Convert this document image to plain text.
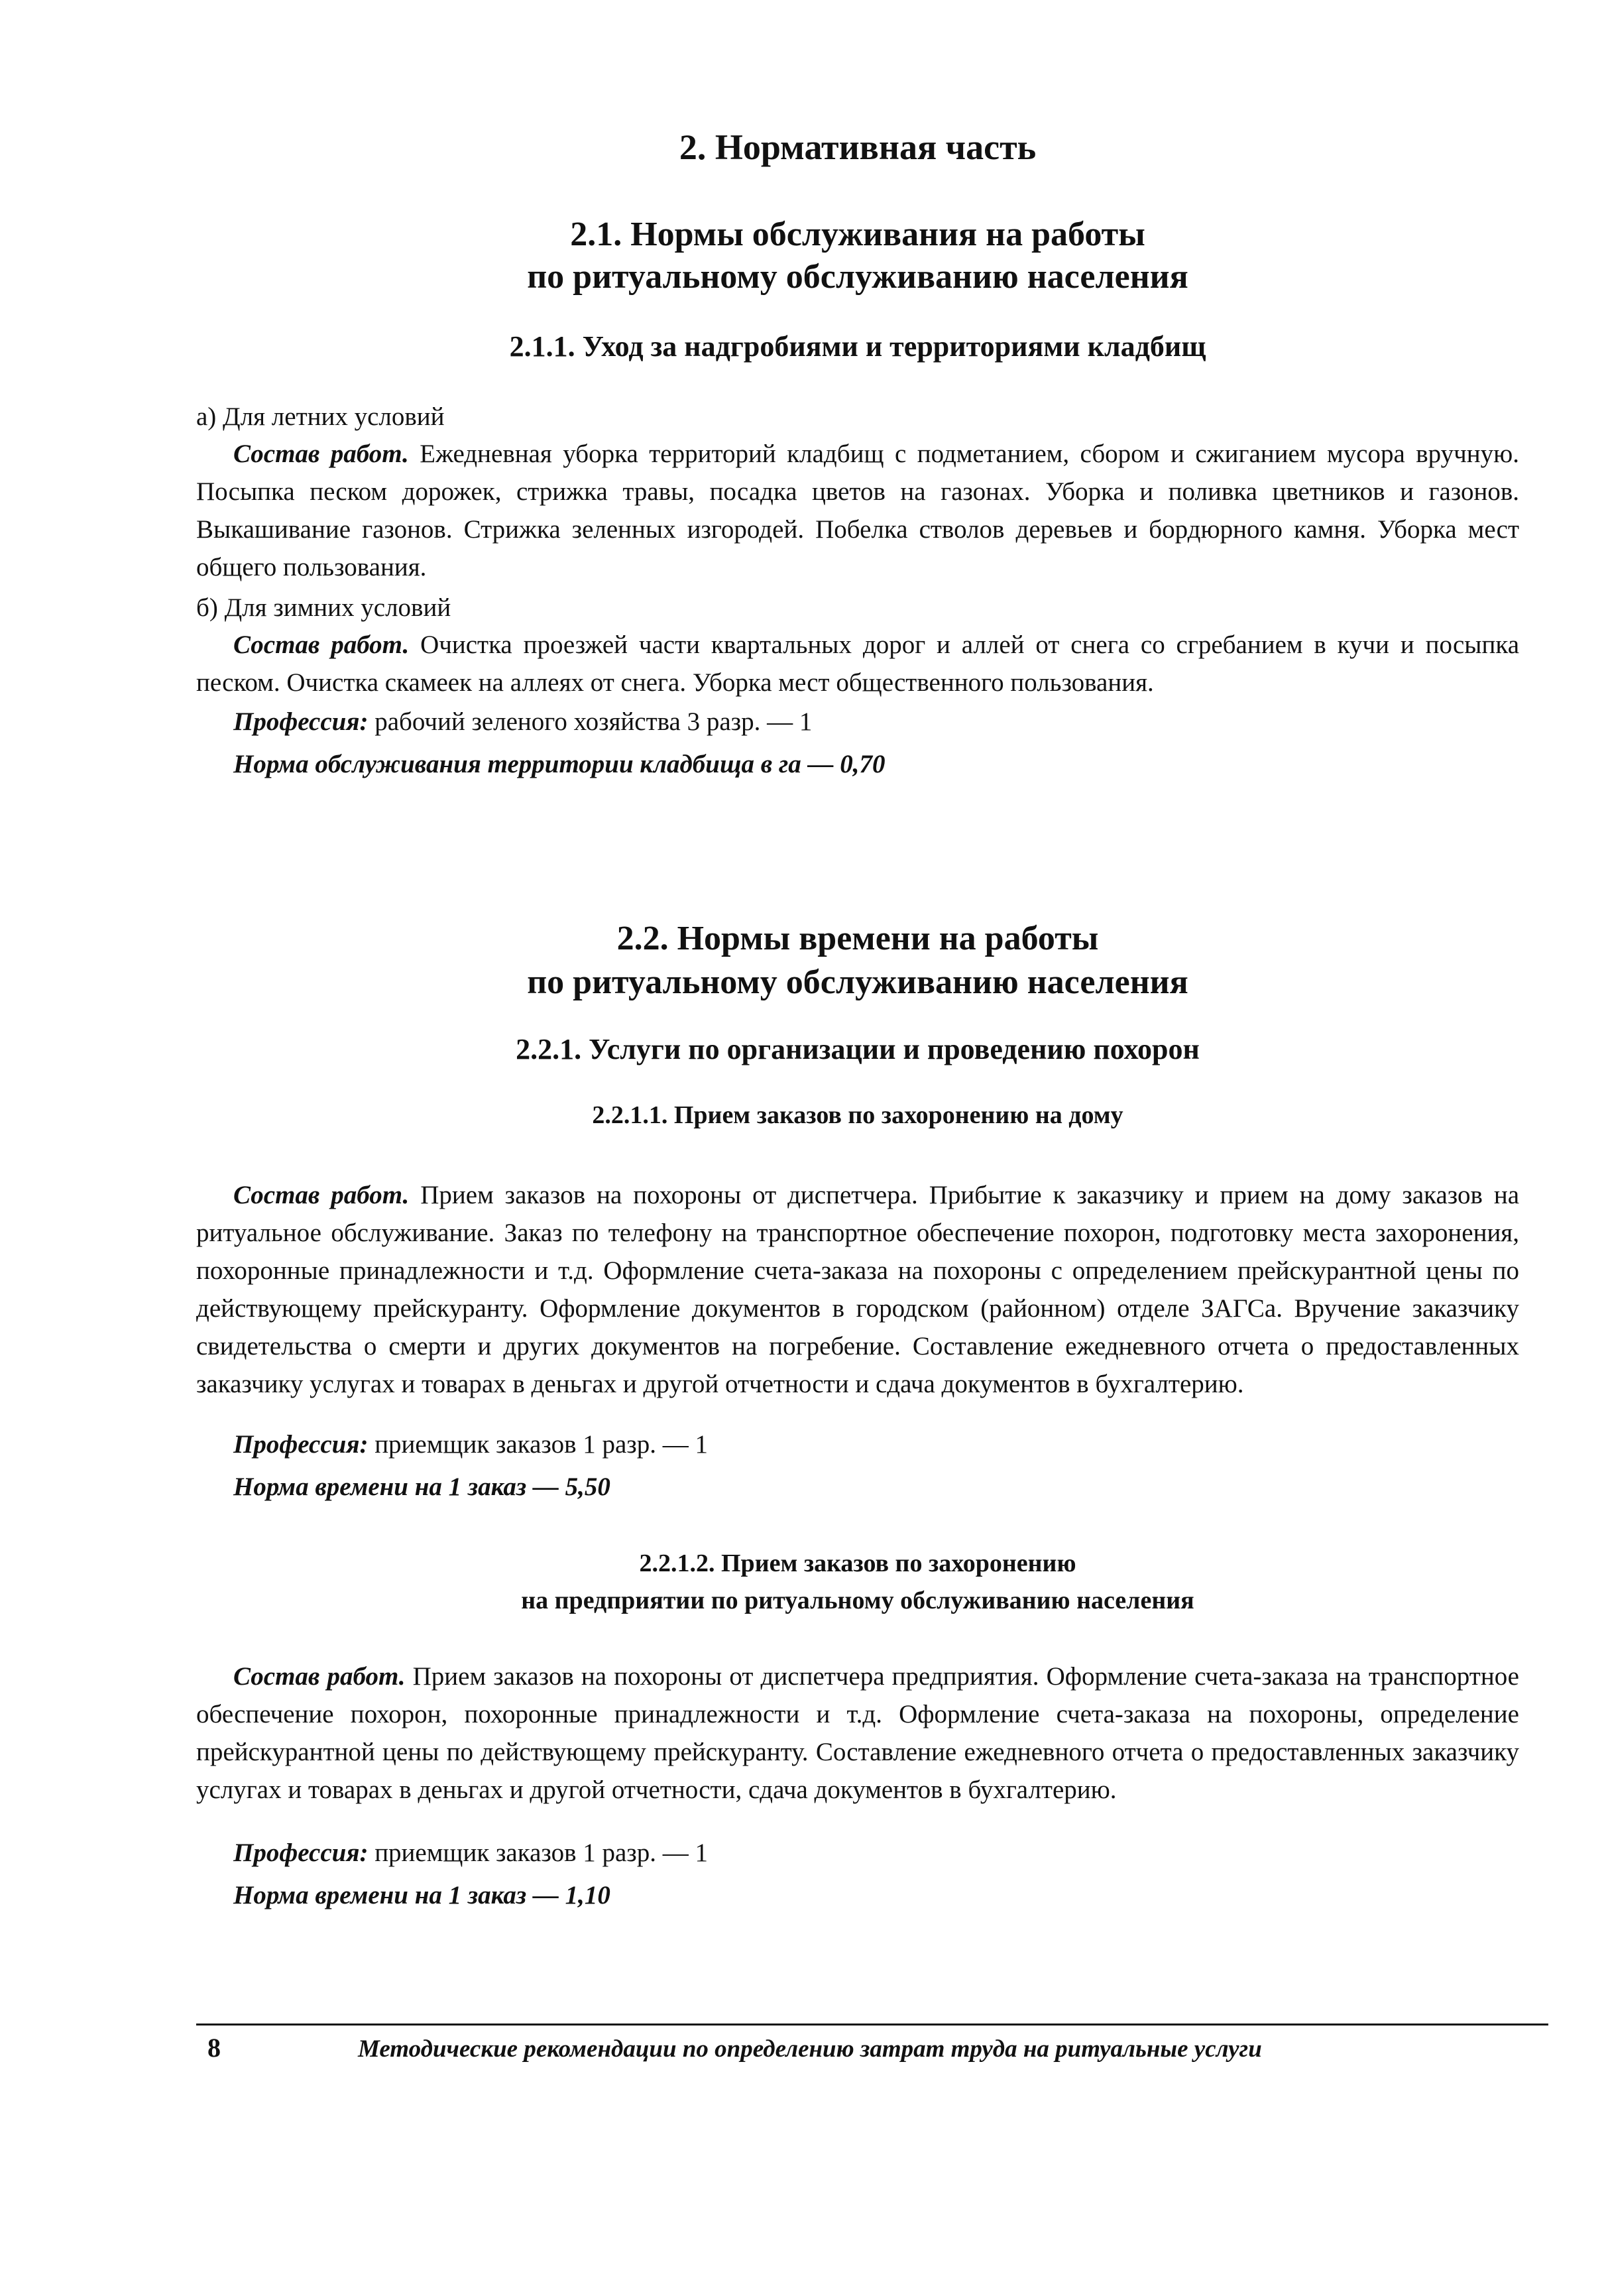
2. Нормативная часть
2.1. Нормы обслуживания на работы
по ритуальному обслуживанию населения
2.1.1. Уход за надгробиями и территориями кладбищ
а) Для летних условий

Состав работ. Ежедневная уборка территорий кладбищ с подметанием, сбором и сжиганием мусора вручную. Посыпка песком дорожек, стрижка травы, посадка цветов на газонах. Уборка и поливка цветников и газонов. Выкашивание газонов. Стрижка зеленных изгородей. Побелка стволов деревьев и бордюрного камня. Уборка мест общего пользования.

б) Для зимних условий

Состав работ. Очистка проезжей части квартальных дорог и аллей от снега со сгребанием в кучи и посыпка песком. Очистка скамеек на аллеях от снега. Уборка мест общественного пользования.

Профессия: рабочий зеленого хозяйства 3 разр. — 1
Норма обслуживания территории кладбища в га — 0,70
2.2. Нормы времени на работы
по ритуальному обслуживанию населения
2.2.1. Услуги по организации и проведению похорон
2.2.1.1. Прием заказов по захоронению на дому

Состав работ. Прием заказов на похороны от диспетчера. Прибытие к заказчику и прием на дому заказов на ритуальное обслуживание. Заказ по телефону на транспортное обеспечение похорон, подготовку места захоронения, похоронные принадлежности и т.д. Оформление счета-заказа на похороны с определением прейскурантной цены по действующему прейскуранту. Оформление документов в городском (районном) отделе ЗАГСа. Вручение заказчику свидетельства о смерти и других документов на погребение. Составление ежедневного отчета о предоставленных заказчику услугах и товарах в деньгах и другой отчетности и сдача документов в бухгалтерию.

Профессия: приемщик заказов 1 разр. — 1
Норма времени на 1 заказ — 5,50
2.2.1.2. Прием заказов по захоронению
на предприятии по ритуальному обслуживанию населения

Состав работ. Прием заказов на похороны от диспетчера предприятия. Оформление счета-заказа на транспортное обеспечение похорон, похоронные принадлежности и т.д. Оформление счета-заказа на похороны, определение прейскурантной цены по действующему прейскуранту. Составление ежедневного отчета о предоставленных заказчику услугах и товарах в деньгах и другой отчетности, сдача документов в бухгалтерию.

Профессия: приемщик заказов 1 разр. — 1
Норма времени на 1 заказ — 1,10
8	Методические рекомендации по определению затрат труда на ритуальные услуги
